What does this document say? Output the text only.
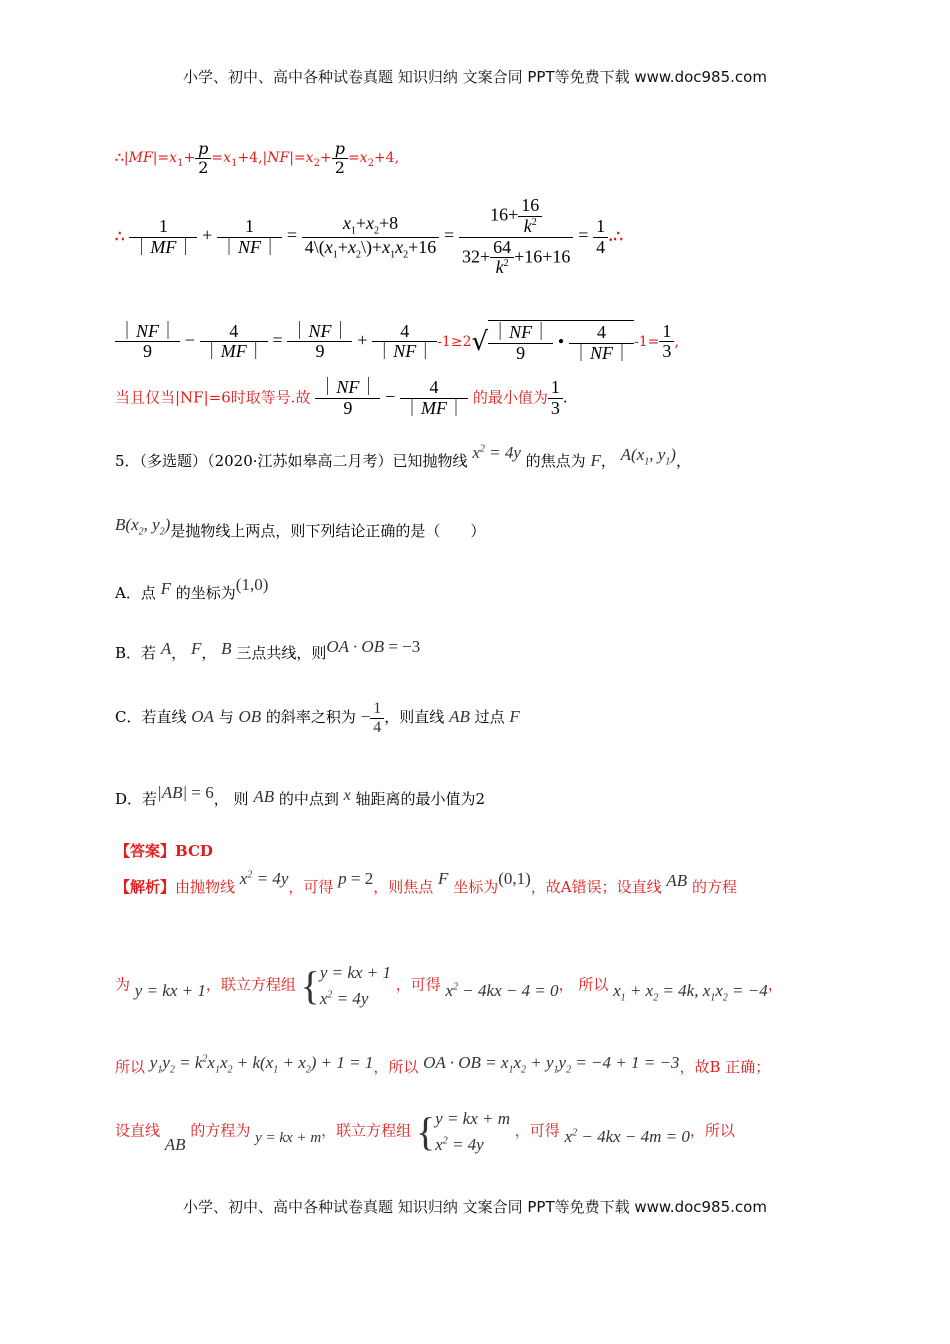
小学、初中、高中各种试卷真题 知识归纳 文案合同 PPT等免费下载 www.doc985.com
$\therefore|MF|=x_1+ \frac{p}{2} =x_1+4,|NF|=x_2+ \frac{p}{2} =x_2+4$,
∴ $\frac{1}{|MF|} + \frac{1}{|NF|} = \frac{x_1+x_2+8}{4\backslash(x_1+x_2\backslash)+x_1x_2+16} = \frac{16+ \frac{16}{k^2}}{32+ \frac{64}{k^2} +16+16} = \frac{1}{4}$ .∴
$\frac{|NF|}{9} - \frac{4}{|MF|} = \frac{|NF|}{9} + \frac{4}{|NF|} -1\ge 2√ \frac{|NF|}{9}$ • $\frac{4}{|NF|} -1= \frac{1}{3}$ ,
当且仅当|NF|=6时取等号.故 $\frac{|NF|}{9} - \frac{4}{|MF|}$ 的最小值为 $\frac{1}{3}$ .
5．（多选题）（2020·江苏如皋高二月考）已知抛物线 $x^2 = 4y$ 的焦点为 F， $A(x_1$, $y_1$)，
$B(x_2$, $y_2$)是抛物线上两点，则下列结论正确的是（　　）
A．点 F 的坐标为(1,0)
B．若 A， F， B 三点共线，则OA · OB = −3
C．若直线 OA 与 OB 的斜率之积为 − $\frac{1}{4}$ ，则直线 AB 过点 F
D．若|AB| = 6， 则 AB 的中点到 x 轴距离的最小值为2
【答案】BCD
【解析】由抛物线 $x^2 = 4y$，可得 p = 2，则焦点 F 坐标为(0,1)，故A错误；设直线 AB 的方程
为 y = kx + 1，联立方程组 { y = kx + 1
$x^2 = 4y$
，可得 $x^2 - 4kx - 4 = 0$， 所以 $x_1 + x_2 = 4k$, $x_1x_2 = -4$，
所以 $y_1y_2 = k^2x_1x_2 + k(x_1 + x_2) + 1 = 1$，所以 OA · OB = $x_1x_2 + y_1y_2 = -4 + 1 = -3$，故B 正确；
设直线 AB 的方程为 y = kx + m，联立方程组 { y = kx + m
$x^2 = 4y$
，可得 $x^2 - 4kx - 4m = 0$，所以
小学、初中、高中各种试卷真题 知识归纳 文案合同 PPT等免费下载 www.doc985.com
